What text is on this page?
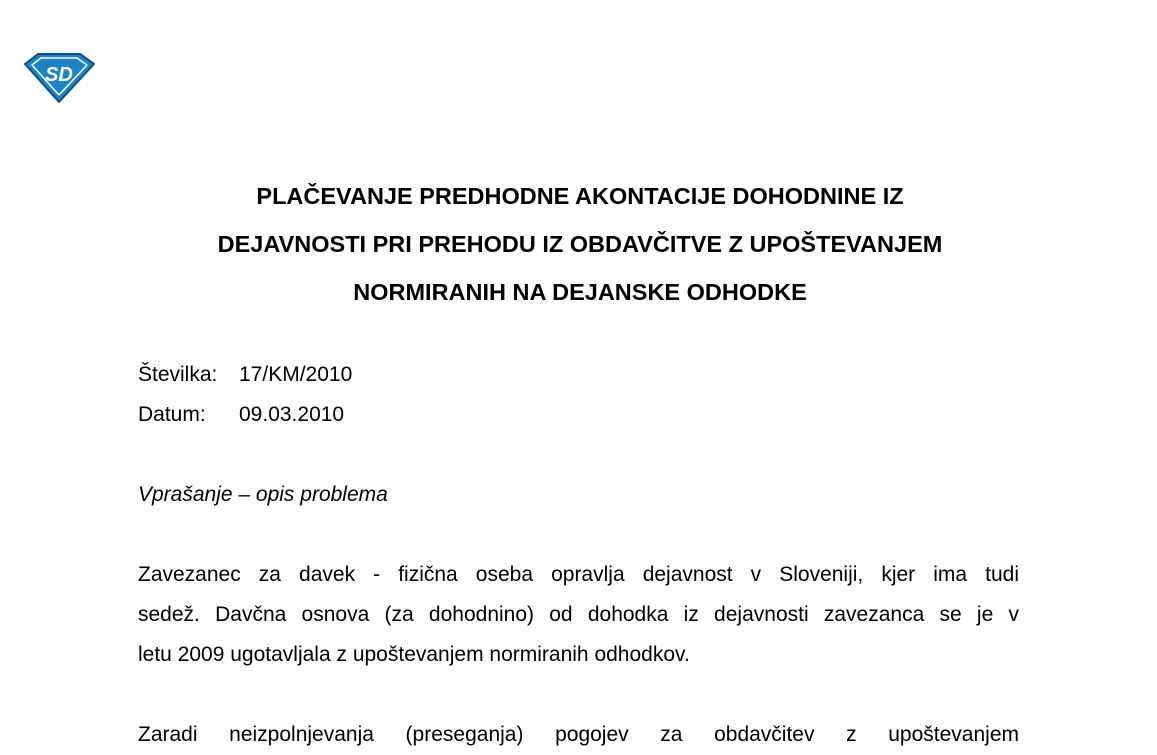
SD
PLAČEVANJE PREDHODNE AKONTACIJE DOHODNINE IZ
DEJAVNOSTI PRI PREHODU IZ OBDAVČITVE Z UPOŠTEVANJEM
NORMIRANIH NA DEJANSKE ODHODKE
Številka:	17/KM/2010
Datum:	09.03.2010
Vprašanje – opis problema
Zavezanec za davek - fizična oseba opravlja dejavnost v Sloveniji, kjer ima tudi
sedež. Davčna osnova (za dohodnino) od dohodka iz dejavnosti zavezanca se je v
letu 2009 ugotavljala z upoštevanjem normiranih odhodkov.
Zaradi neizpolnjevanja (preseganja) pogojev za obdavčitev z upoštevanjem
